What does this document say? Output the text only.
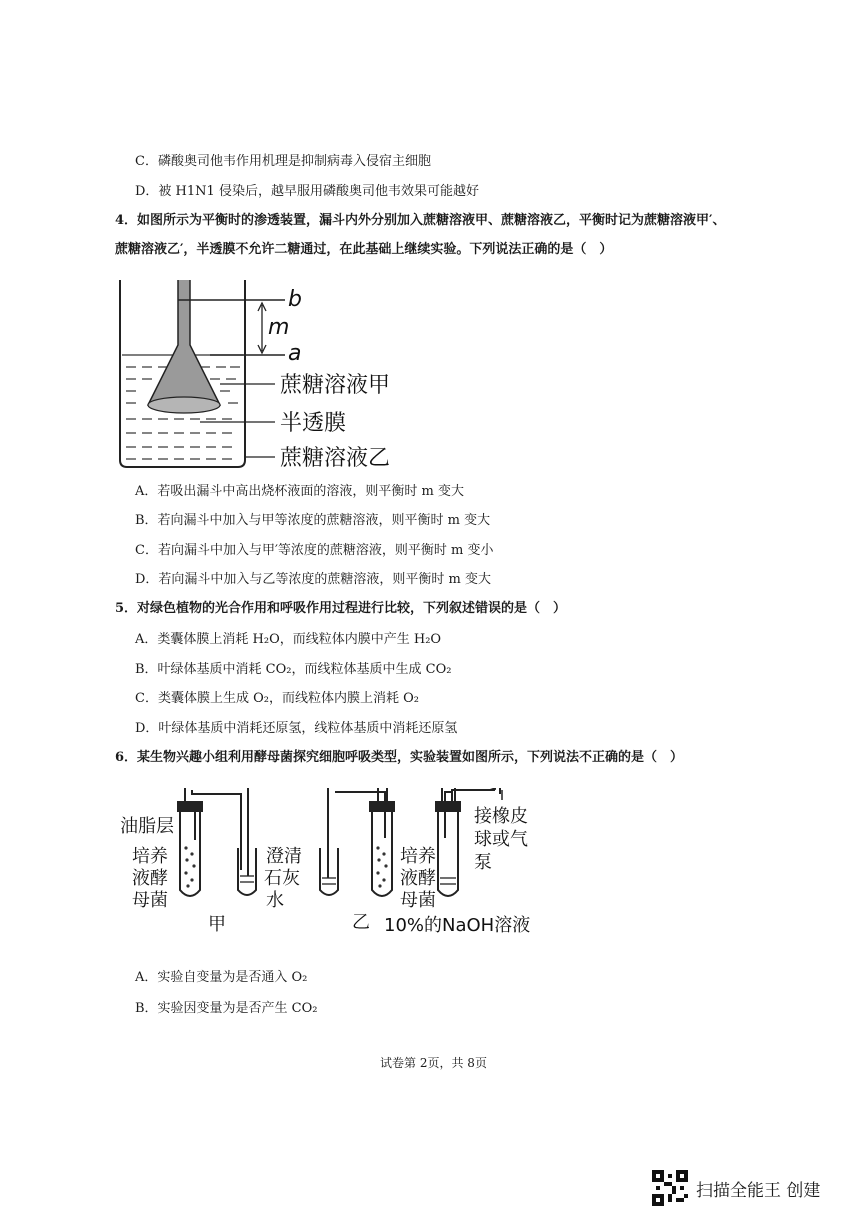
C．磷酸奥司他韦作用机理是抑制病毒入侵宿主细胞
D．被 H1N1 侵染后，越早服用磷酸奥司他韦效果可能越好
4．如图所示为平衡时的渗透装置，漏斗内外分别加入蔗糖溶液甲、蔗糖溶液乙，平衡时记为蔗糖溶液甲′、
蔗糖溶液乙′，半透膜不允许二糖通过，在此基础上继续实验。下列说法正确的是（　）
b
m
a
蔗糖溶液甲
半透膜
蔗糖溶液乙
A．若吸出漏斗中高出烧杯液面的溶液，则平衡时 m 变大
B．若向漏斗中加入与甲等浓度的蔗糖溶液，则平衡时 m 变大
C．若向漏斗中加入与甲′等浓度的蔗糖溶液，则平衡时 m 变小
D．若向漏斗中加入与乙等浓度的蔗糖溶液，则平衡时 m 变大
5．对绿色植物的光合作用和呼吸作用过程进行比较，下列叙述错误的是（　）
A．类囊体膜上消耗 H₂O，而线粒体内膜中产生 H₂O
B．叶绿体基质中消耗 CO₂，而线粒体基质中生成 CO₂
C．类囊体膜上生成 O₂，而线粒体内膜上消耗 O₂
D．叶绿体基质中消耗还原氢，线粒体基质中消耗还原氢
6．某生物兴趣小组利用酵母菌探究细胞呼吸类型，实验装置如图所示，下列说法不正确的是（　）
油脂层
培养
液酵
母菌
甲
澄清
石灰
水
乙
培养
液酵
母菌
10%的NaOH溶液
接橡皮
球或气
泵
A．实验自变量为是否通入 O₂
B．实验因变量为是否产生 CO₂
试卷第 2页，共 8页
扫描全能王 创建
